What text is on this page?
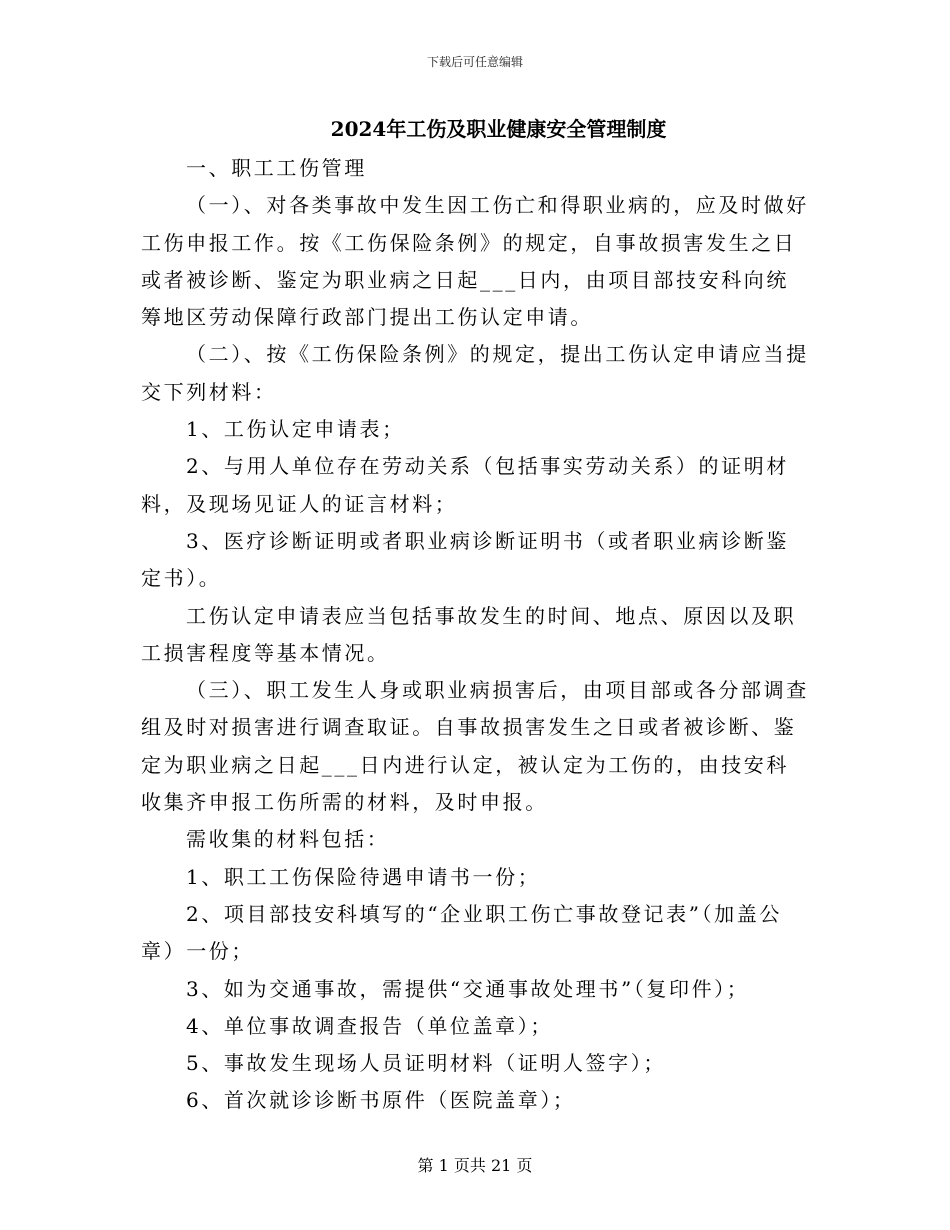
下载后可任意编辑
2024年工伤及职业健康安全管理制度

一、职工工伤管理

（一）、对各类事故中发生因工伤亡和得职业病的，应及时做好工伤申报工作。按《工伤保险条例》的规定，自事故损害发生之日或者被诊断、鉴定为职业病之日起___日内，由项目部技安科向统筹地区劳动保障行政部门提出工伤认定申请。

（二）、按《工伤保险条例》的规定，提出工伤认定申请应当提交下列材料：

1、工伤认定申请表；

2、与用人单位存在劳动关系（包括事实劳动关系）的证明材料，及现场见证人的证言材料；

3、医疗诊断证明或者职业病诊断证明书（或者职业病诊断鉴定书）。

工伤认定申请表应当包括事故发生的时间、地点、原因以及职工损害程度等基本情况。

（三）、职工发生人身或职业病损害后，由项目部或各分部调查组及时对损害进行调查取证。自事故损害发生之日或者被诊断、鉴定为职业病之日起___日内进行认定，被认定为工伤的，由技安科收集齐申报工伤所需的材料，及时申报。

需收集的材料包括：

1、职工工伤保险待遇申请书一份；

2、项目部技安科填写的“企业职工伤亡事故登记表”（加盖公章）一份；

3、如为交通事故，需提供“交通事故处理书”（复印件）；

4、单位事故调查报告（单位盖章）；

5、事故发生现场人员证明材料（证明人签字）；

6、首次就诊诊断书原件（医院盖章）；

第 1 页共 21 页
